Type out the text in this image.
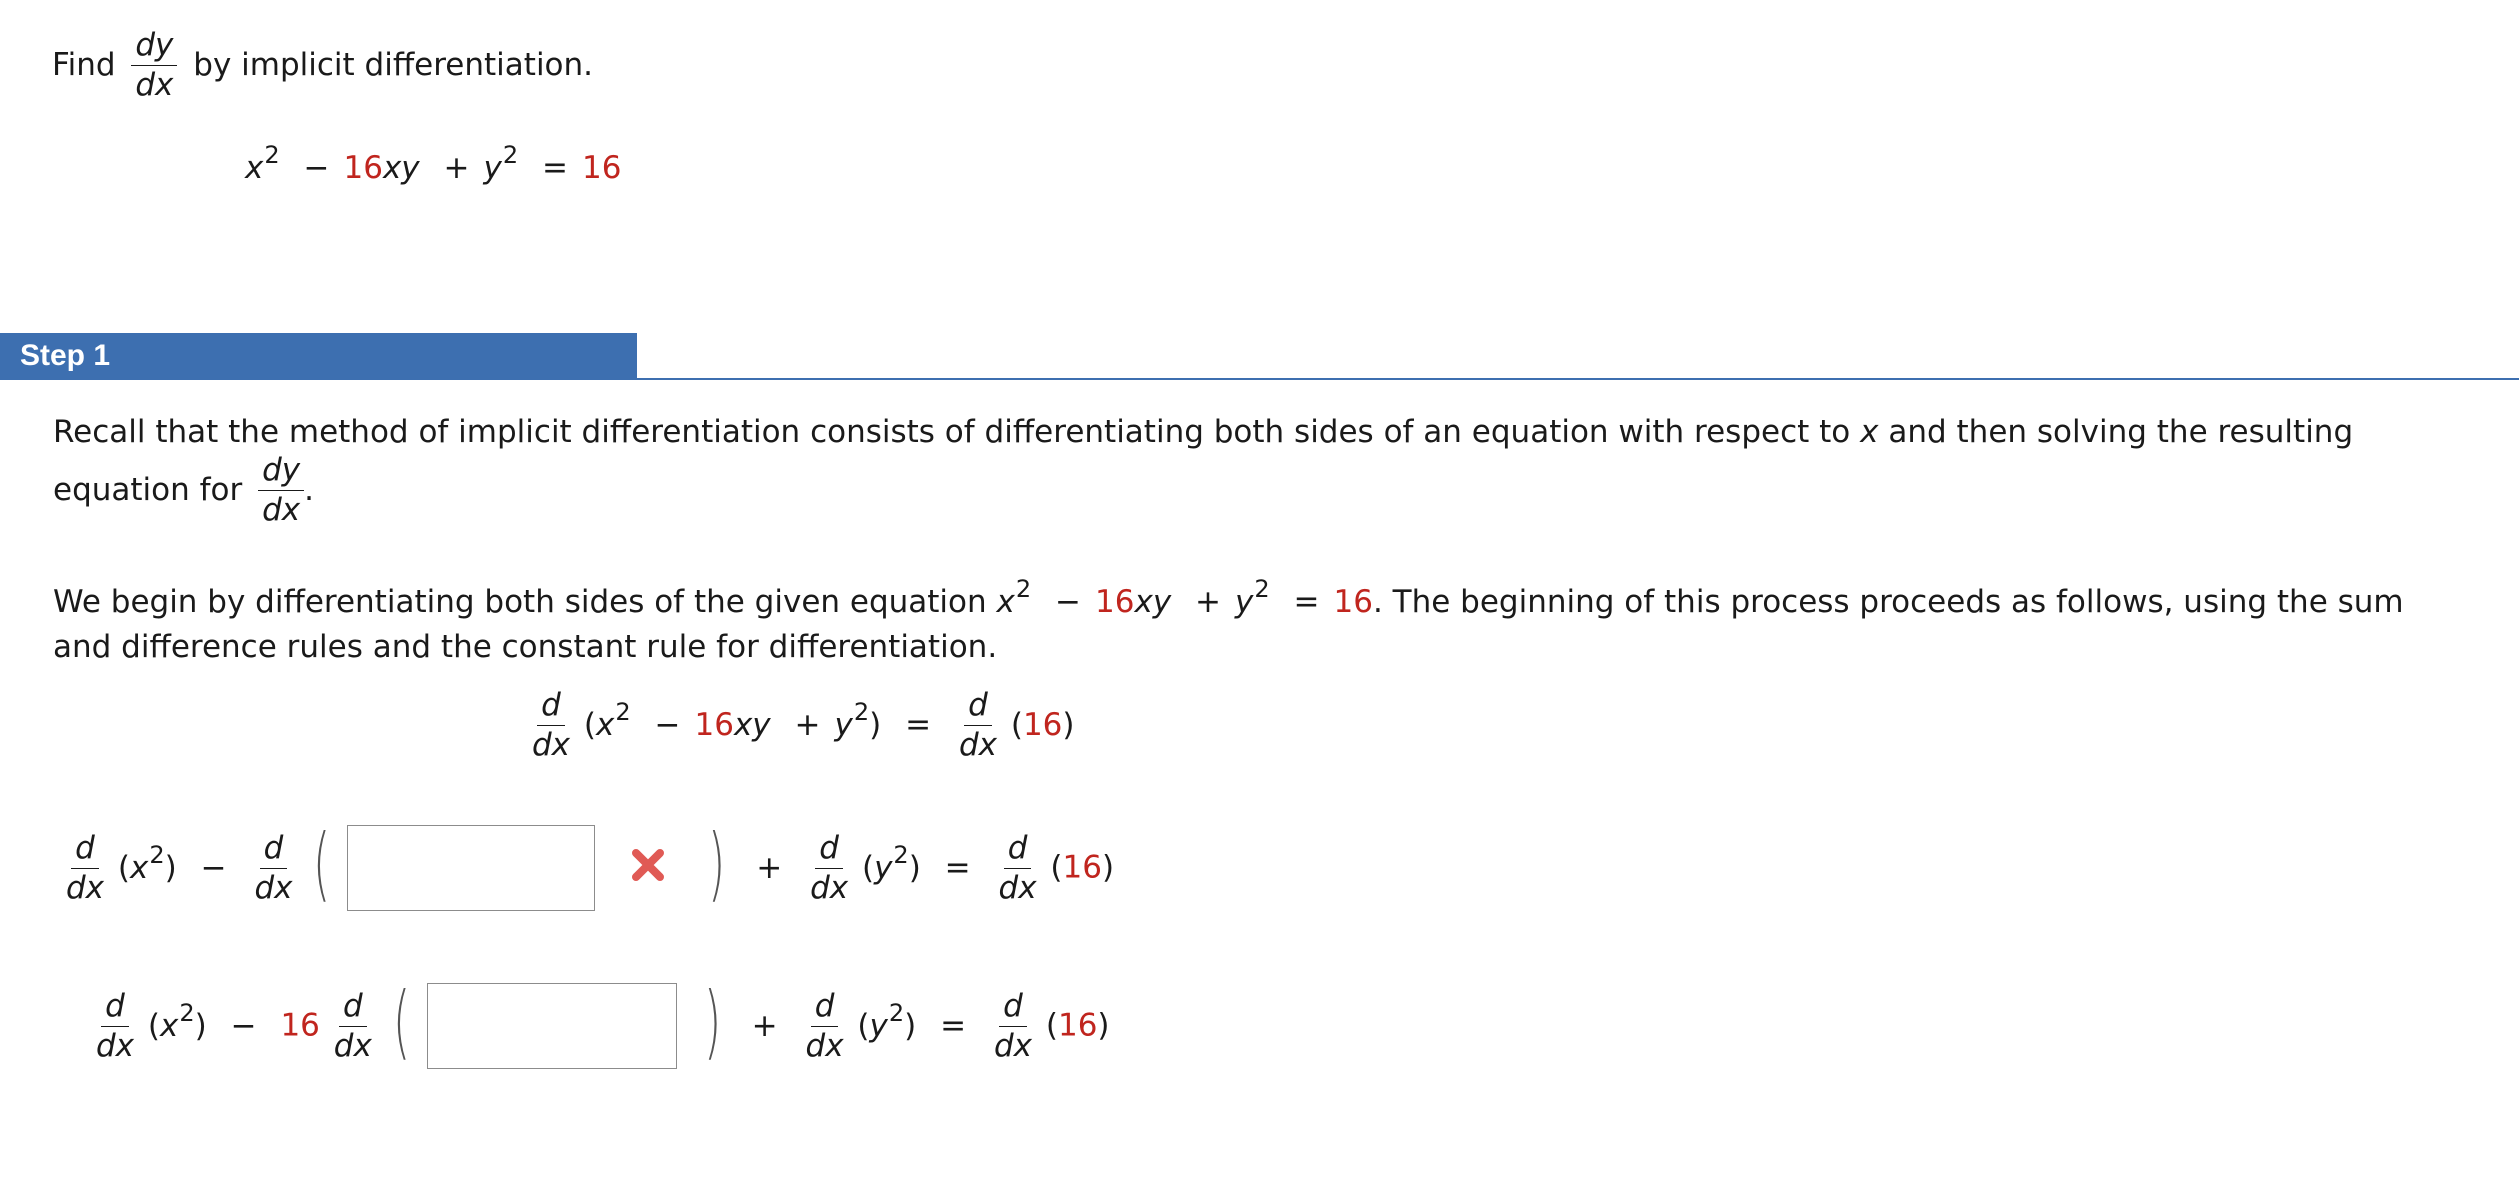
Find $\frac{dy}{dx}$ by implicit differentiation.
$x^2 - 16xy + y^2 = 16$
Step 1
Recall that the method of implicit differentiation consists of differentiating both sides of an equation with respect to x and then solving the resulting
equation for $\frac{dy}{dx}$ .
We begin by differentiating both sides of the given equation $x^2 - 16xy + y^2 = 16$. The beginning of this process proceeds as follows, using the sum
and difference rules and the constant rule for differentiation.
$\frac{d}{dx} (x^2 - 16xy + y^2) = \frac{d}{dx} (16)$
$\frac{d}{dx} (x^2) - \frac{d}{dx}$ (	) + $\frac{d}{dx} (y^2) = \frac{d}{dx} (16)$
$\frac{d}{dx} (x^2) - 16 \frac{d}{dx}$ (	) + $\frac{d}{dx} (y^2) = \frac{d}{dx} (16)$
